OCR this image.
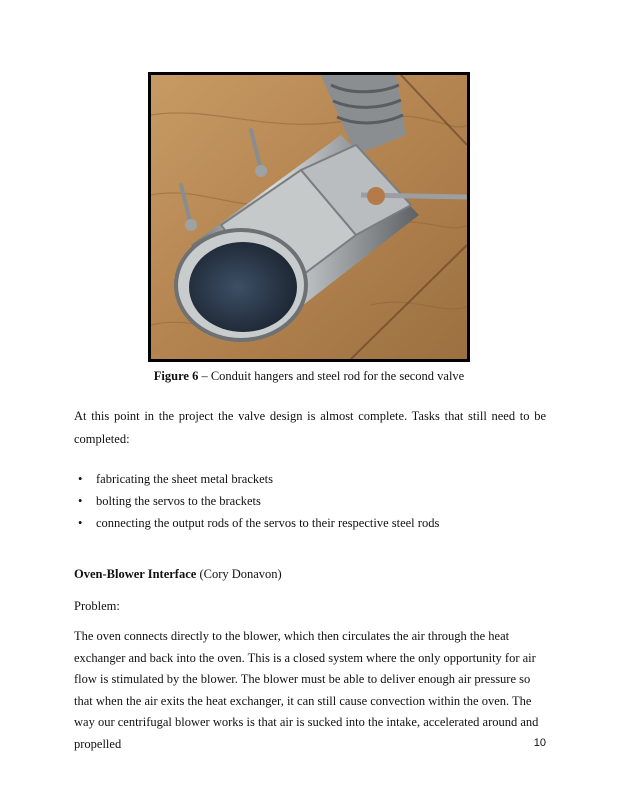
Figure 6 – Conduit hangers and steel rod for the second valve

At this point in the project the valve design is almost complete. Tasks that still need to be completed:

• fabricating the sheet metal brackets
• bolting the servos to the brackets
• connecting the output rods of the servos to their respective steel rods
Oven-Blower Interface (Cory Donavon)
Problem:

The oven connects directly to the blower, which then circulates the air through the heat exchanger and back into the oven. This is a closed system where the only opportunity for air flow is stimulated by the blower. The blower must be able to deliver enough air pressure so that when the air exits the heat exchanger, it can still cause convection within the oven. The way our centrifugal blower works is that air is sucked into the intake, accelerated around and propelled	10
